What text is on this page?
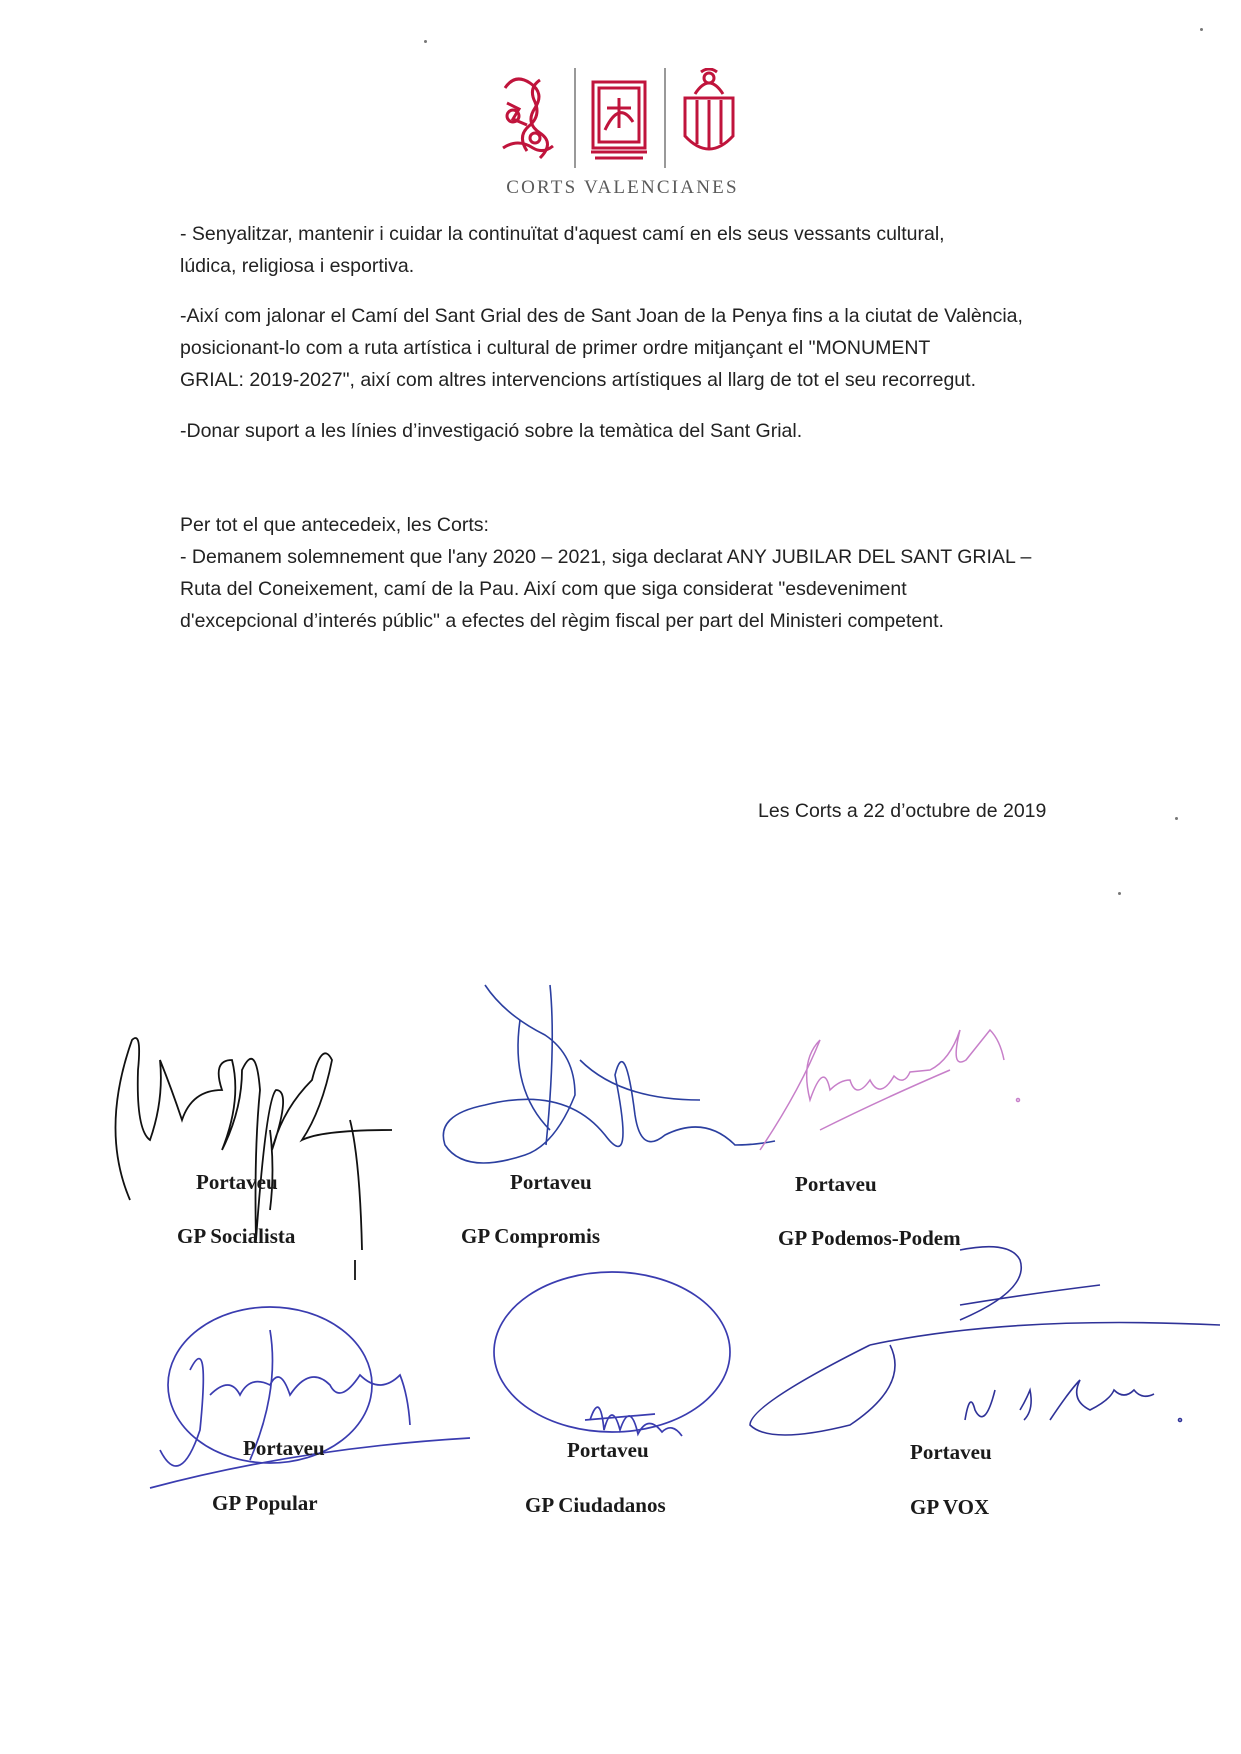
CORTS VALENCIANES
- Senyalitzar, mantenir i cuidar la continuïtat d'aquest camí en els seus vessants cultural,
lúdica, religiosa i esportiva.
-Així com jalonar el Camí del Sant Grial des de Sant Joan de la Penya fins a la ciutat de València,
posicionant-lo com a ruta artística i cultural de primer ordre mitjançant el "MONUMENT
GRIAL: 2019-2027", així com altres intervencions artístiques al llarg de tot el seu recorregut.
-Donar suport a les línies d’investigació sobre la temàtica del Sant Grial.
Per tot el que antecedeix, les Corts:
- Demanem solemnement que l'any 2020 – 2021, siga declarat ANY JUBILAR DEL SANT GRIAL –
Ruta del Coneixement, camí de la Pau. Així com que siga considerat "esdeveniment
d'excepcional d’interés públic" a efectes del règim fiscal per part del Ministeri competent.
Les Corts a 22 d’octubre de 2019
Portaveu
GP Socialista
Portaveu
GP Compromis
Portaveu
GP Podemos-Podem
Portaveu
GP Popular
Portaveu
GP Ciudadanos
Portaveu
GP VOX
